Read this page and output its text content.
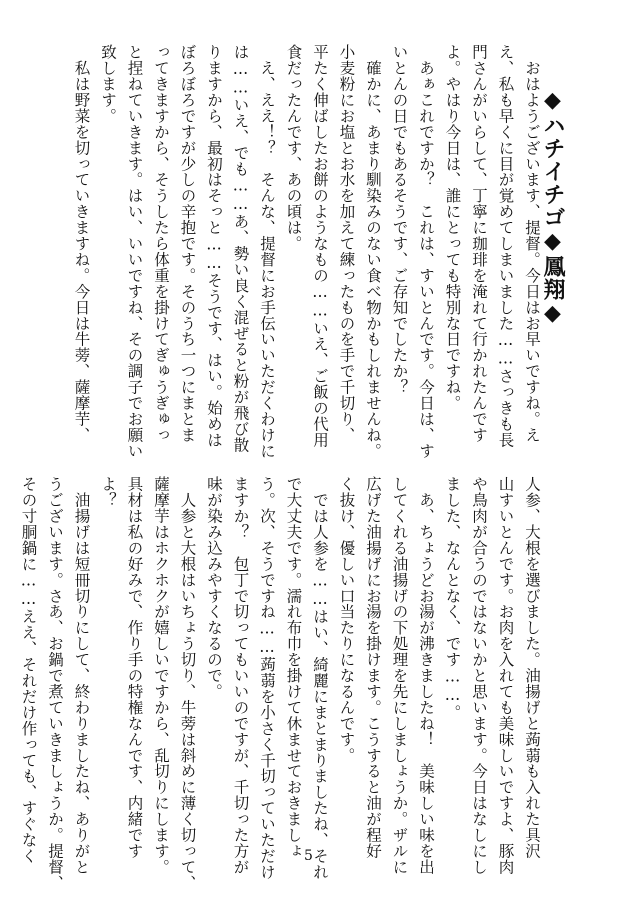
◆ハチイチゴ◆鳳翔◆
　おはようございます、提督。今日はお早いですね。え
え、私も早くに目が覚めてしまいました……さっきも長
門さんがいらして、丁寧に珈琲を淹れて行かれたんです
よ。やはり今日は、誰にとっても特別な日ですね。
　あぁこれですか？　これは、すいとんです。今日は、す
いとんの日でもあるそうです、ご存知でしたか？
　確かに、あまり馴染みのない食べ物かもしれませんね。
小麦粉にお塩とお水を加えて練ったものを手で千切り、
平たく伸ばしたお餅のようなもの……いえ、ご飯の代用
食だったんです、あの頃は。
　え、ええ！？　そんな、提督にお手伝いいただくわけに
は……いえ、でも……あ、勢い良く混ぜると粉が飛び散
りますから、最初はそっと……そうです、はい。始めは
ぼろぼろですが少しの辛抱です。そのうち一つにまとま
ってきますから、そうしたら体重を掛けてぎゅうぎゅっ
と捏ねていきます。はい、いいですね、その調子でお願い
致します。
　私は野菜を切っていきますね。今日は牛蒡、薩摩芋、
人参、大根を選びました。油揚げと蒟蒻も入れた具沢
山すいとんです。お肉を入れても美味しいですよ、豚肉
や鳥肉が合うのではないかと思います。今日はなしにし
ました、なんとなく、です……。
　あ、ちょうどお湯が沸きましたね！　美味しい味を出
してくれる油揚げの下処理を先にしましょうか。ザルに
広げた油揚げにお湯を掛けます。こうすると油が程好
く抜け、優しい口当たりになるんです。
　では人参を……はい、綺麗にまとまりましたね、それ
で大丈夫です。濡れ布巾を掛けて休ませておきましょ
う。次、そうですね……蒟蒻を小さく千切っていただけ
ますか？　包丁で切ってもいいのですが、千切った方が
味が染み込みやすくなるので。
　人参と大根はいちょう切り、牛蒡は斜めに薄く切って、
薩摩芋はホクホクが嬉しいですから、乱切りにします。
具材は私の好みで、作り手の特権なんです、内緒です
よ？
　油揚げは短冊切りにして、終わりましたね、ありがと
うございます。さあ、お鍋で煮ていきましょうか。提督、
その寸胴鍋に……ええ、それだけ作っても、すぐなく	5
